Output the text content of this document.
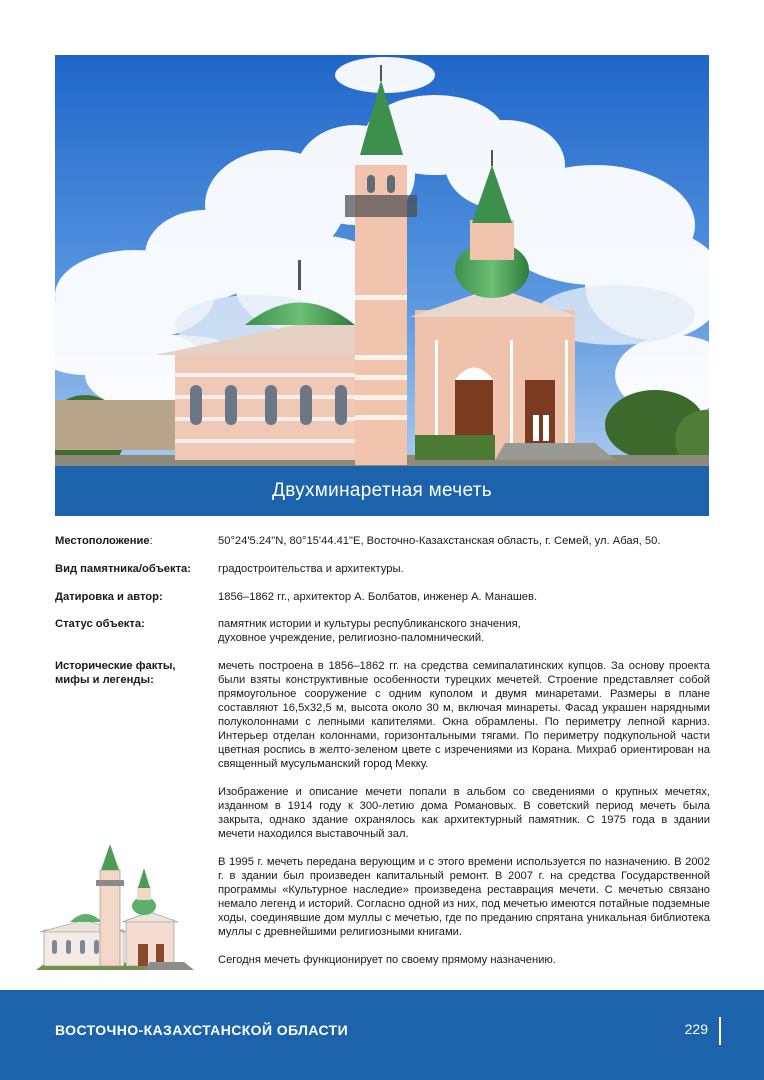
Двухминаретная мечеть
Местоположение:	50°24'5.24"N, 80°15'44.41"E, Восточно-Казахстанская область, г. Семей, ул. Абая, 50.
Вид памятника/объекта:	градостроительства и архитектуры.
Датировка и автор:	1856–1862 гг., архитектор А. Болбатов, инженер А. Манашев.
Статус объекта:	памятник истории и культуры республиканского значения,

духовное учреждение, религиозно-паломнический.

Исторические факты,

мифы и легенды:

мечеть построена в 1856–1862 гг. на средства семипалатинских купцов. За основу проекта были взяты конструктивные особенности турецких мечетей. Строение представляет собой прямоугольное сооружение с одним куполом и двумя минаретами. Размеры в плане составляют 16,5х32,5 м, высота около 30 м, включая минареты. Фасад украшен нарядными полуколоннами с лепными капителями. Окна обрамлены. По периметру лепной карниз. Интерьер отделан колоннами, горизонтальными тягами. По периметру подкупольной части цветная роспись в желто-зеленом цвете с изречениями из Корана. Михраб ориентирован на священный мусульманский город Мекку.

Изображение и описание мечети попали в альбом со сведениями о крупных мечетях, изданном в 1914 году к 300-летию дома Романовых. В советский период мечеть была закрыта, однако здание охранялось как архитектурный памятник. С 1975 года в здании мечети находился выставочный зал.

В 1995 г. мечеть передана верующим и с этого времени используется по назначению. В 2002 г. в здании был произведен капитальный ремонт. В 2007 г. на средства Государственной программы «Культурное наследие» произведена реставрация мечети. С мечетью связано немало легенд и историй. Согласно одной из них, под мечетью имеются потайные подземные ходы, соединявшие дом муллы с мечетью, где по преданию спрятана уникальная библиотека муллы с древнейшими религиозными книгами.

Сегодня мечеть функционирует по своему прямому назначению.

ВОСТОЧНО-КАЗАХСТАНСКОЙ ОБЛАСТИ	229
